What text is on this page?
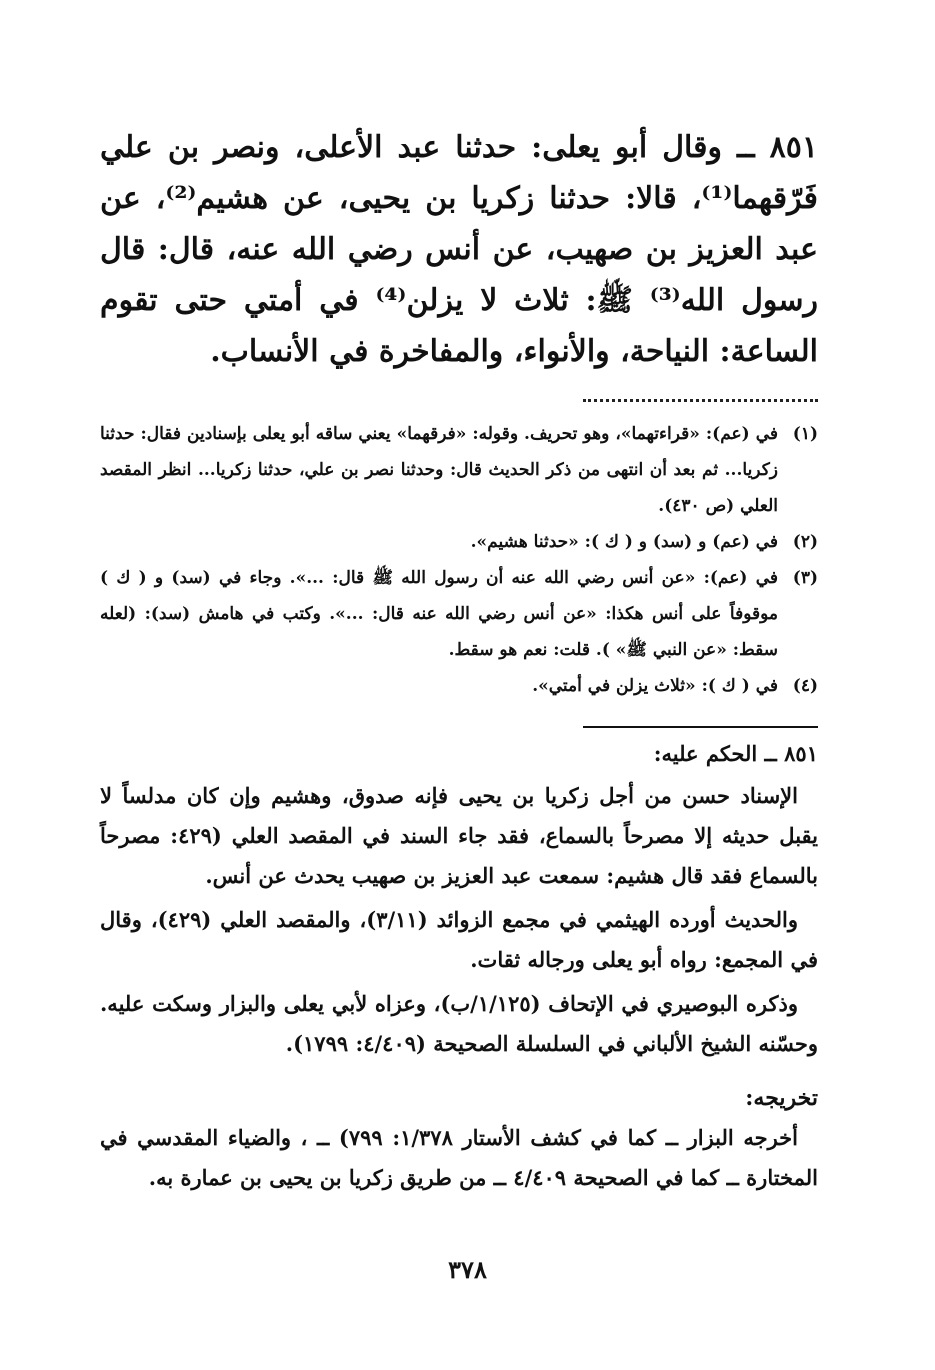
٨٥١ ــ وقال أبو يعلى: حدثنا عبد الأعلى، ونصر بن علي فَرّقهما⁽¹⁾، قالا: حدثنا زكريا بن يحيى، عن هشيم⁽²⁾، عن عبد العزيز بن صهيب، عن أنس رضي الله عنه، قال: قال رسول الله⁽³⁾ ﷺ: ثلاث لا يزلن⁽⁴⁾ في أمتي حتى تقوم الساعة: النياحة، والأنواء، والمفاخرة في الأنساب.

(١)
في (عم): «قراءتهما»، وهو تحريف. وقوله: «فرقهما» يعني ساقه أبو يعلى بإسنادين فقال: حدثنا زكريا... ثم بعد أن انتهى من ذكر الحديث قال: وحدثنا نصر بن علي، حدثنا زكريا... انظر المقصد العلي (ص ٤٣٠).
(٢)
في (عم) و (سد) و ( ك ): «حدثنا هشيم».
(٣)
في (عم): «عن أنس رضي الله عنه أن رسول الله ﷺ قال: ...». وجاء في (سد) و ( ك ) موقوفاً على أنس هكذا: «عن أنس رضي الله عنه قال: ...». وكتب في هامش (سد): (لعله سقط: «عن النبي ﷺ» ). قلت: نعم هو سقط.
(٤)
في ( ك ): «ثلاث يزلن في أمتي».
٨٥١ ــ الحكم عليه:

الإسناد حسن من أجل زكريا بن يحيى فإنه صدوق، وهشيم وإن كان مدلساً لا يقبل حديثه إلا مصرحاً بالسماع، فقد جاء السند في المقصد العلي (٤٢٩: مصرحاً بالسماع فقد قال هشيم: سمعت عبد العزيز بن صهيب يحدث عن أنس.

والحديث أورده الهيثمي في مجمع الزوائد (٣/١١)، والمقصد العلي (٤٢٩)، وقال في المجمع: رواه أبو يعلى ورجاله ثقات.

وذكره البوصيري في الإتحاف (١/١٢٥/ب)، وعزاه لأبي يعلى والبزار وسكت عليه. وحسّنه الشيخ الألباني في السلسلة الصحيحة (٤/٤٠٩: ١٧٩٩).

تخريجه:

أخرجه البزار ــ كما في كشف الأستار ١/٣٧٨: ٧٩٩) ــ ، والضياء المقدسي في المختارة ــ كما في الصحيحة ٤/٤٠٩ ــ من طريق زكريا بن يحيى بن عمارة به.

٣٧٨
